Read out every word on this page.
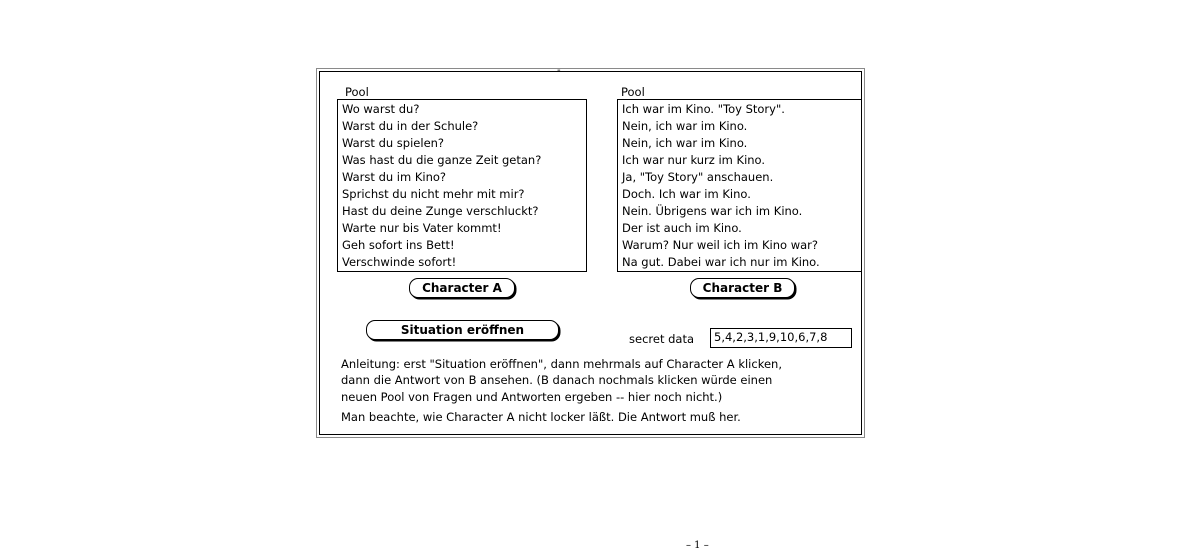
-
Pool
Wo warst du?
Warst du in der Schule?
Warst du spielen?
Was hast du die ganze Zeit getan?
Warst du im Kino?
Sprichst du nicht mehr mit mir?
Hast du deine Zunge verschluckt?
Warte nur bis Vater kommt!
Geh sofort ins Bett!
Verschwinde sofort!
Pool
Ich war im Kino. "Toy Story".
Nein, ich war im Kino.
Nein, ich war im Kino.
Ich war nur kurz im Kino.
Ja, "Toy Story" anschauen.
Doch. Ich war im Kino.
Nein. Übrigens war ich im Kino.
Der ist auch im Kino.
Warum? Nur weil ich im Kino war?
Na gut. Dabei war ich nur im Kino.
Character A	Character B
Situation eröffnen
secret data	5,4,2,3,1,9,10,6,7,8
Anleitung: erst "Situation eröffnen", dann mehrmals auf Character A klicken,
dann die Antwort von B ansehen. (B danach nochmals klicken würde einen
neuen Pool von Fragen und Antworten ergeben -- hier noch nicht.)
Man beachte, wie Character A nicht locker läßt. Die Antwort muß her.
– 1 –
